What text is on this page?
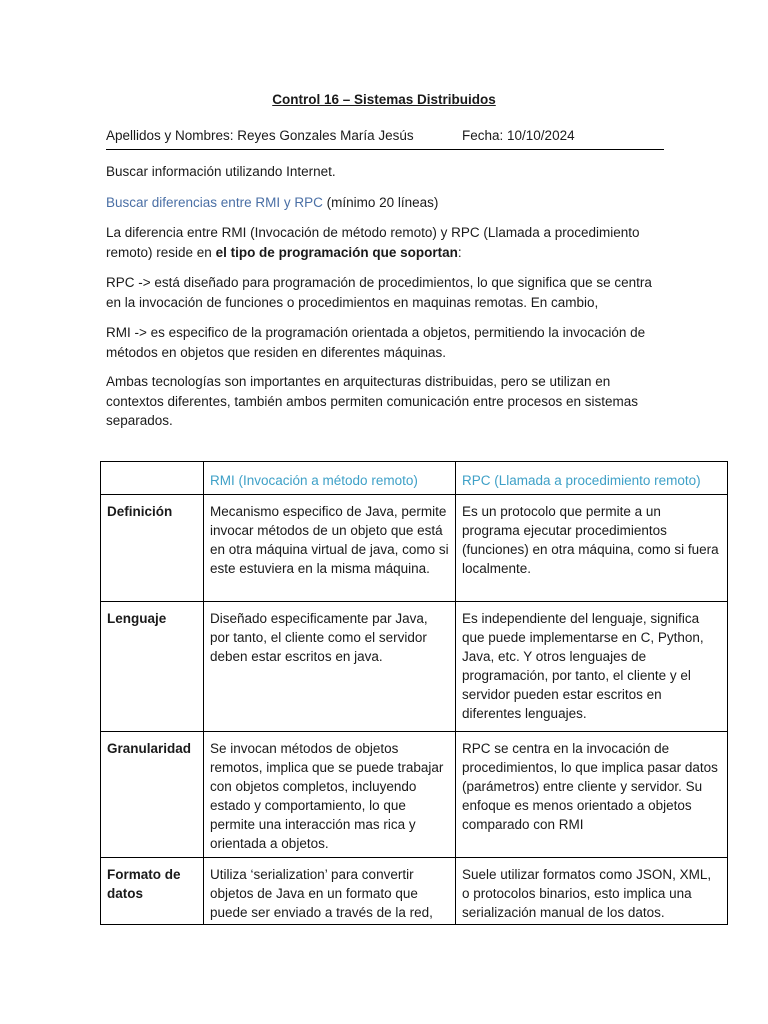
Control 16 – Sistemas Distribuidos
Apellidos y Nombres: Reyes Gonzales María Jesús	Fecha: 10/10/2024
Buscar información utilizando Internet.
Buscar diferencias entre RMI y RPC (mínimo 20 líneas)
La diferencia entre RMI (Invocación de método remoto) y RPC (Llamada a procedimiento remoto) reside en el tipo de programación que soportan:
RPC -> está diseñado para programación de procedimientos, lo que significa que se centra en la invocación de funciones o procedimientos en maquinas remotas. En cambio,
RMI -> es especifico de la programación orientada a objetos, permitiendo la invocación de métodos en objetos que residen en diferentes máquinas.
Ambas tecnologías son importantes en arquitecturas distribuidas, pero se utilizan en contextos diferentes, también ambos permiten comunicación entre procesos en sistemas separados.
	RMI (Invocación a método remoto)	RPC (Llamada a procedimiento remoto)
Definición	Mecanismo especifico de Java, permite invocar métodos de un objeto que está en otra máquina virtual de java, como si este estuviera en la misma máquina.	Es un protocolo que permite a un programa ejecutar procedimientos (funciones) en otra máquina, como si fuera localmente.
Lenguaje	Diseñado especificamente par Java, por tanto, el cliente como el servidor deben estar escritos en java.	Es independiente del lenguaje, significa que puede implementarse en C, Python, Java, etc. Y otros lenguajes de programación, por tanto, el cliente y el servidor pueden estar escritos en diferentes lenguajes.
Granularidad	Se invocan métodos de objetos remotos, implica que se puede trabajar con objetos completos, incluyendo estado y comportamiento, lo que permite una interacción mas rica y orientada a objetos.	RPC se centra en la invocación de procedimientos, lo que implica pasar datos (parámetros) entre cliente y servidor. Su enfoque es menos orientado a objetos comparado con RMI
Formato de datos	Utiliza ‘serialization’ para convertir objetos de Java en un formato que puede ser enviado a través de la red,	Suele utilizar formatos como JSON, XML, o protocolos binarios, esto implica una serialización manual de los datos.
